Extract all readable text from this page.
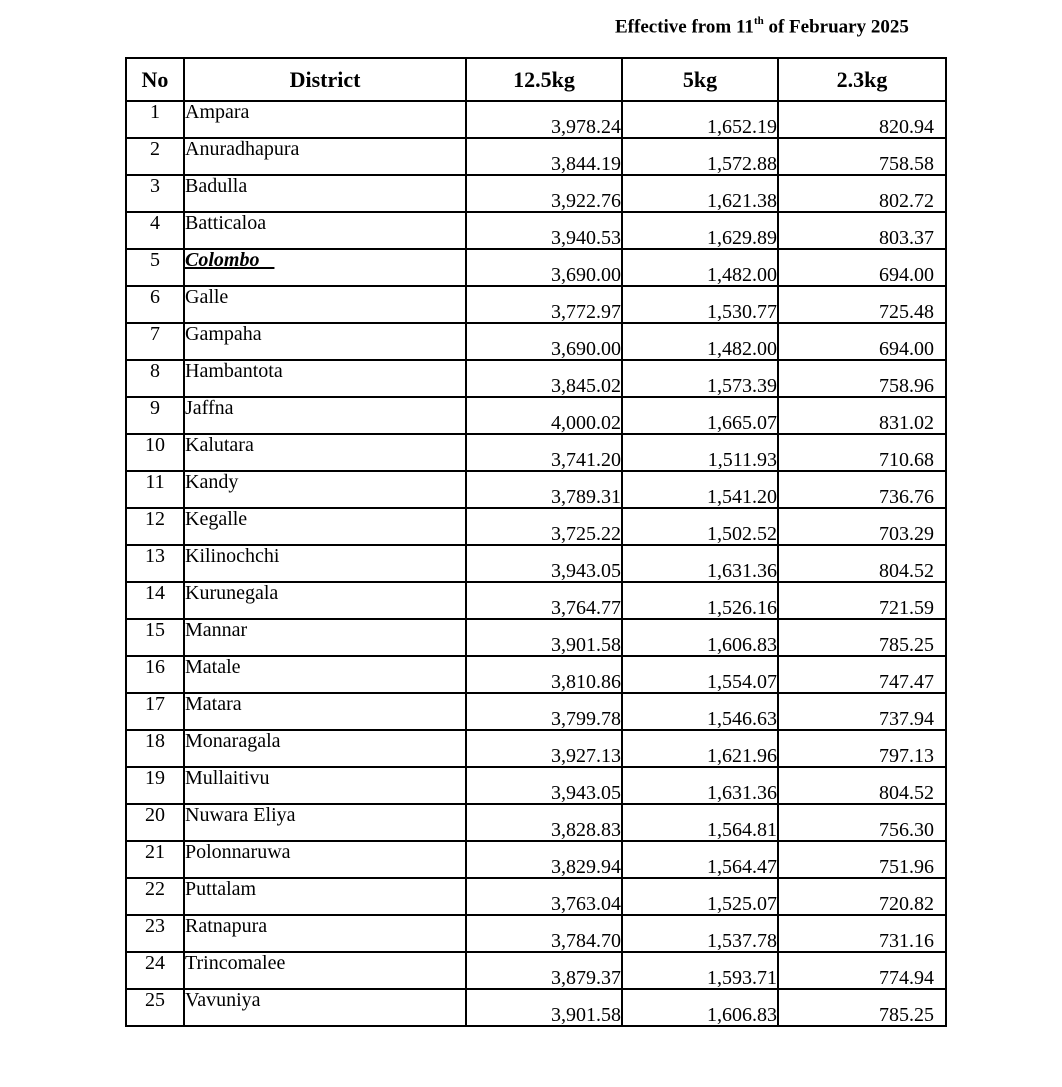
Effective from 11th of February 2025
No	District	12.5kg	5kg	2.3kg
1	Ampara	3,978.24	1,652.19	820.94
2	Anuradhapura	3,844.19	1,572.88	758.58
3	Badulla	3,922.76	1,621.38	802.72
4	Batticaloa	3,940.53	1,629.89	803.37
5	Colombo	3,690.00	1,482.00	694.00
6	Galle	3,772.97	1,530.77	725.48
7	Gampaha	3,690.00	1,482.00	694.00
8	Hambantota	3,845.02	1,573.39	758.96
9	Jaffna	4,000.02	1,665.07	831.02
10	Kalutara	3,741.20	1,511.93	710.68
11	Kandy	3,789.31	1,541.20	736.76
12	Kegalle	3,725.22	1,502.52	703.29
13	Kilinochchi	3,943.05	1,631.36	804.52
14	Kurunegala	3,764.77	1,526.16	721.59
15	Mannar	3,901.58	1,606.83	785.25
16	Matale	3,810.86	1,554.07	747.47
17	Matara	3,799.78	1,546.63	737.94
18	Monaragala	3,927.13	1,621.96	797.13
19	Mullaitivu	3,943.05	1,631.36	804.52
20	Nuwara Eliya	3,828.83	1,564.81	756.30
21	Polonnaruwa	3,829.94	1,564.47	751.96
22	Puttalam	3,763.04	1,525.07	720.82
23	Ratnapura	3,784.70	1,537.78	731.16
24	Trincomalee	3,879.37	1,593.71	774.94
25	Vavuniya	3,901.58	1,606.83	785.25
